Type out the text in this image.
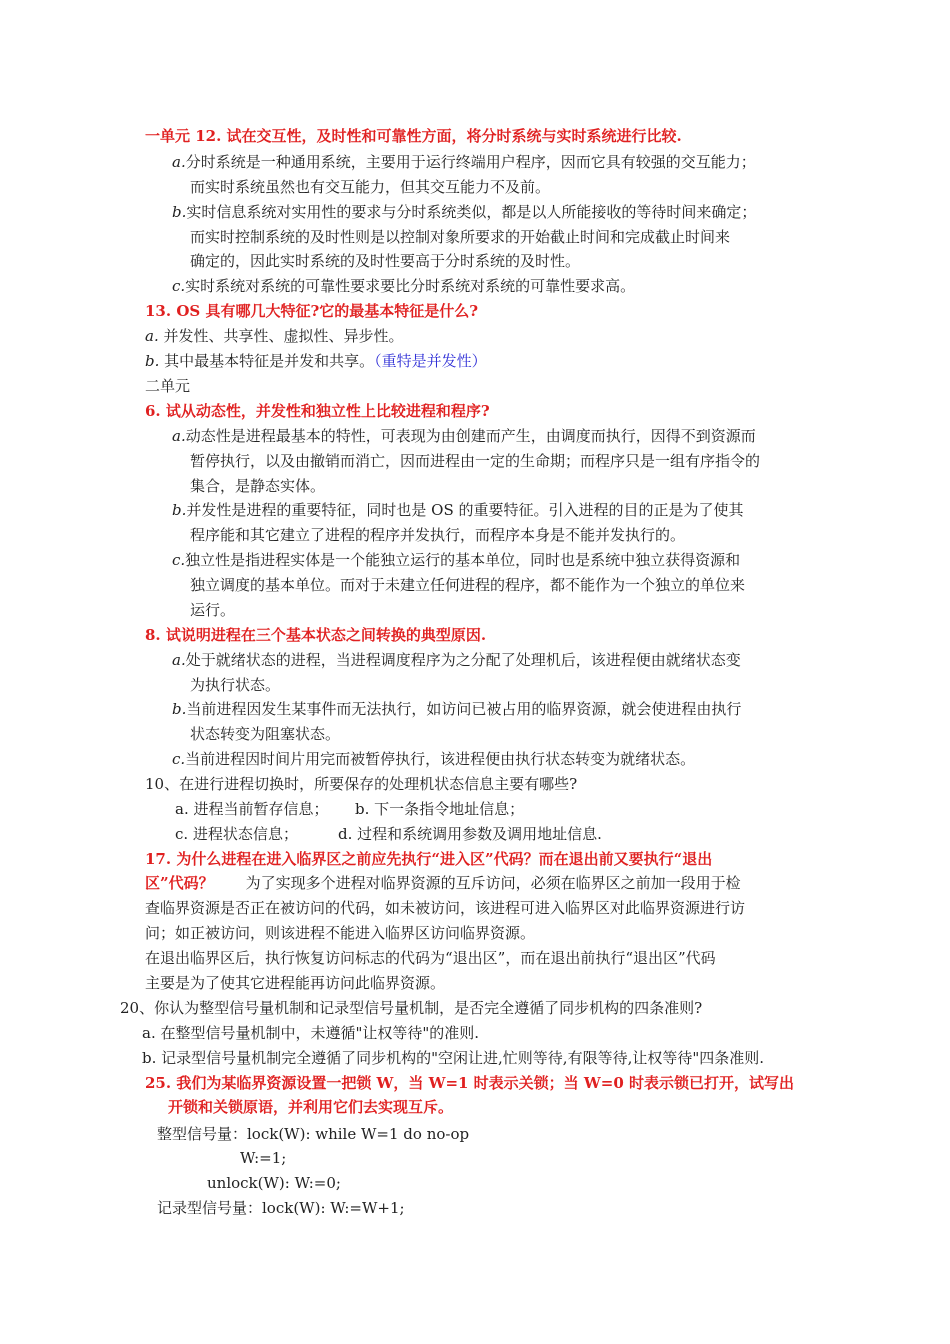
一单元 12. 试在交互性，及时性和可靠性方面，将分时系统与实时系统进行比较.
a.分时系统是一种通用系统，主要用于运行终端用户程序，因而它具有较强的交互能力；
而实时系统虽然也有交互能力，但其交互能力不及前。
b.实时信息系统对实用性的要求与分时系统类似，都是以人所能接收的等待时间来确定；
而实时控制系统的及时性则是以控制对象所要求的开始截止时间和完成截止时间来
确定的，因此实时系统的及时性要高于分时系统的及时性。
c.实时系统对系统的可靠性要求要比分时系统对系统的可靠性要求高。
13. OS 具有哪几大特征?它的最基本特征是什么?
a. 并发性、共享性、虚拟性、异步性。
b. 其中最基本特征是并发和共享。（重特是并发性）
二单元
6. 试从动态性，并发性和独立性上比较进程和程序?
a.动态性是进程最基本的特性，可表现为由创建而产生，由调度而执行，因得不到资源而
暂停执行，以及由撤销而消亡，因而进程由一定的生命期；而程序只是一组有序指令的
集合，是静态实体。
b.并发性是进程的重要特征，同时也是 OS 的重要特征。引入进程的目的正是为了使其
程序能和其它建立了进程的程序并发执行，而程序本身是不能并发执行的。
c.独立性是指进程实体是一个能独立运行的基本单位，同时也是系统中独立获得资源和
独立调度的基本单位。而对于未建立任何进程的程序，都不能作为一个独立的单位来
运行。
8. 试说明进程在三个基本状态之间转换的典型原因.
a.处于就绪状态的进程，当进程调度程序为之分配了处理机后，该进程便由就绪状态变
为执行状态。
b.当前进程因发生某事件而无法执行，如访问已被占用的临界资源，就会使进程由执行
状态转变为阻塞状态。
c.当前进程因时间片用完而被暂停执行，该进程便由执行状态转变为就绪状态。
10、在进行进程切换时，所要保存的处理机状态信息主要有哪些?
a. 进程当前暂存信息； b. 下一条指令地址信息；
c. 进程状态信息；	d. 过程和系统调用参数及调用地址信息.
17. 为什么进程在进入临界区之前应先执行“进入区”代码？而在退出前又要执行“退出
区”代码？ 为了实现多个进程对临界资源的互斥访问，必须在临界区之前加一段用于检
查临界资源是否正在被访问的代码，如未被访问，该进程可进入临界区对此临界资源进行访
问；如正被访问，则该进程不能进入临界区访问临界资源。
在退出临界区后，执行恢复访问标志的代码为“退出区”，而在退出前执行“退出区”代码
主要是为了使其它进程能再访问此临界资源。
20、你认为整型信号量机制和记录型信号量机制，是否完全遵循了同步机构的四条准则?
a. 在整型信号量机制中，未遵循"让权等待"的准则.
b. 记录型信号量机制完全遵循了同步机构的"空闲让进,忙则等待,有限等待,让权等待"四条准则.
25. 我们为某临界资源设置一把锁 W，当 W=1 时表示关锁；当 W=0 时表示锁已打开，试写出
开锁和关锁原语，并利用它们去实现互斥。
整型信号量：lock(W): while W=1 do no-op
W:=1;
unlock(W): W:=0;
记录型信号量：lock(W): W:=W+1;
